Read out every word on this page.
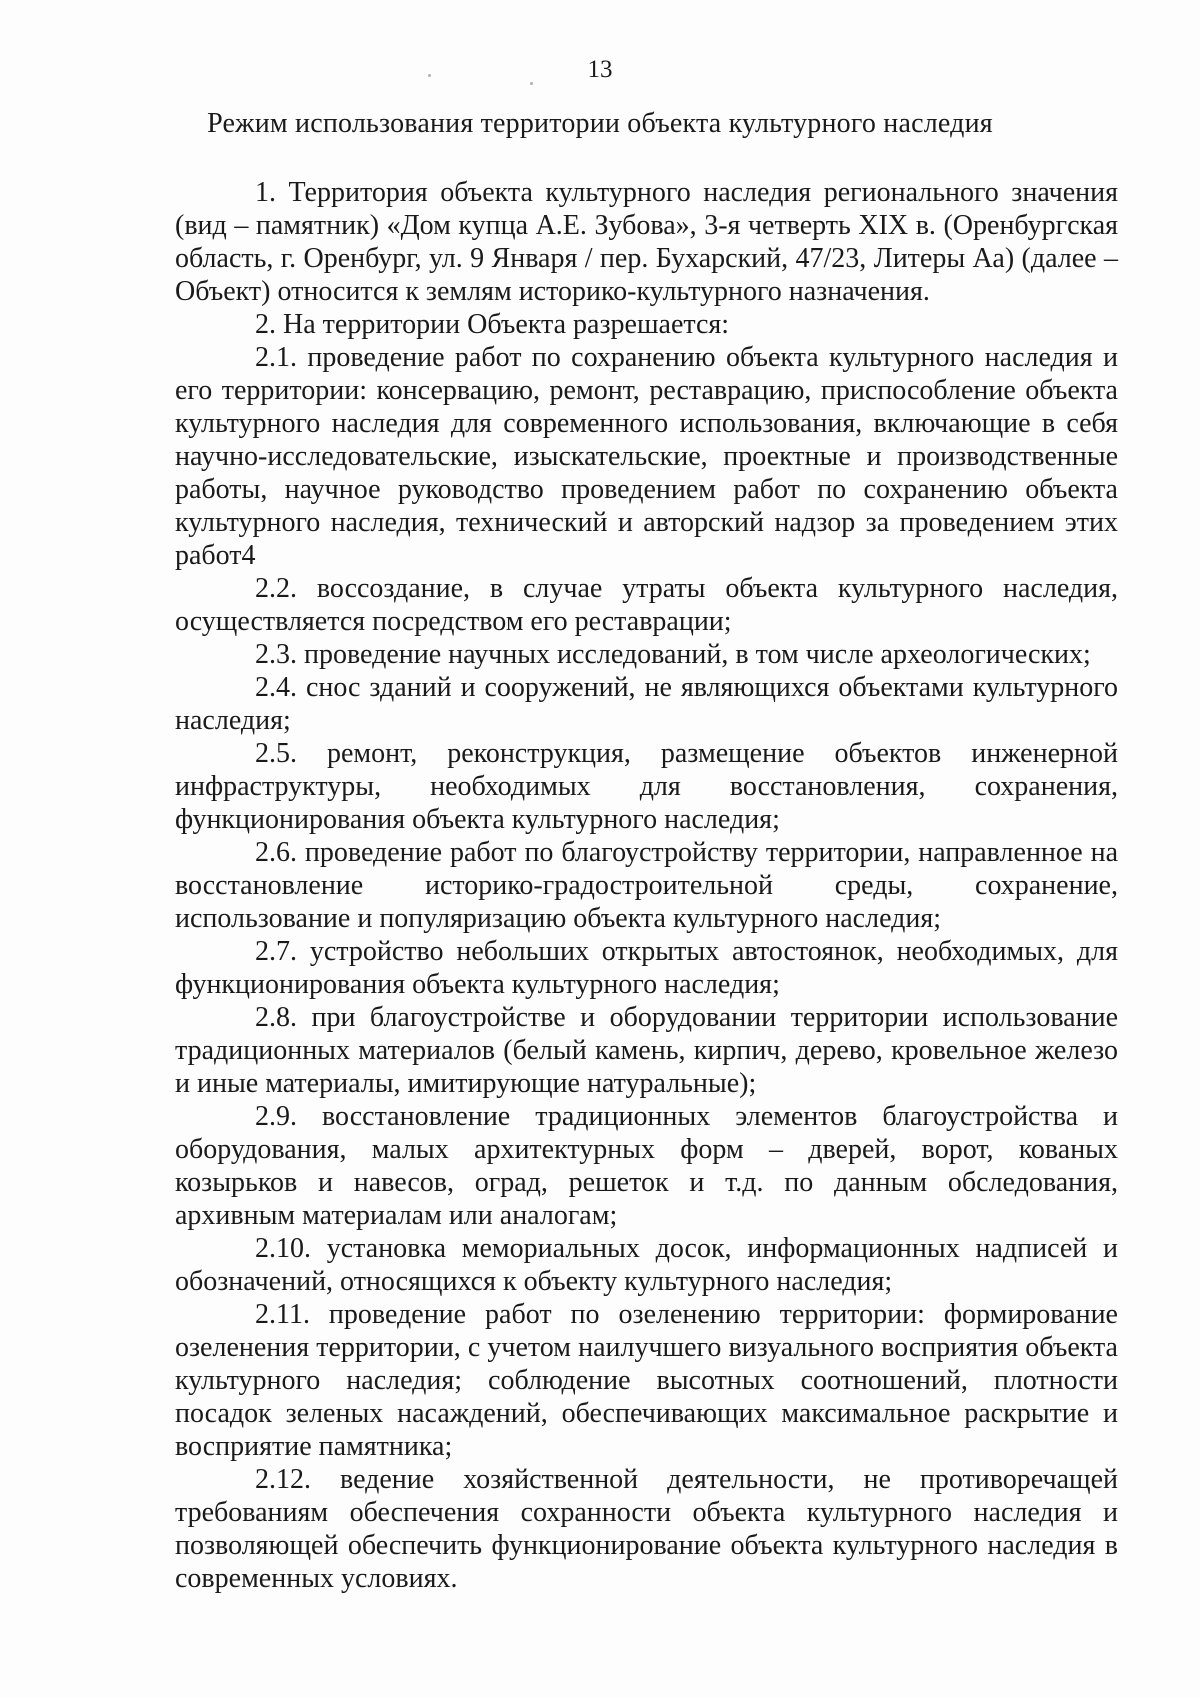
13
Режим использования территории объекта культурного наследия

1. Территория объекта культурного наследия регионального значения (вид – памятник) «Дом купца А.Е. Зубова», 3-я четверть XIX в. (Оренбургская область, г. Оренбург, ул. 9 Января / пер. Бухарский, 47/23, Литеры Аа) (далее – Объект) относится к землям историко-культурного назначения.

2. На территории Объекта разрешается:

2.1. проведение работ по сохранению объекта культурного наследия и его территории: консервацию, ремонт, реставрацию, приспособление объекта культурного наследия для современного использования, включающие в себя научно-исследовательские, изыскательские, проектные и производственные работы, научное руководство проведением работ по сохранению объекта культурного наследия, технический и авторский надзор за проведением этих работ4

2.2. воссоздание, в случае утраты объекта культурного наследия, осуществляется посредством его реставрации;

2.3. проведение научных исследований, в том числе археологических;

2.4. снос зданий и сооружений, не являющихся объектами культурного наследия;

2.5. ремонт, реконструкция, размещение объектов инженерной инфраструктуры, необходимых для восстановления, сохранения, функционирования объекта культурного наследия;

2.6. проведение работ по благоустройству территории, направленное на восстановление историко-градостроительной среды, сохранение, использование и популяризацию объекта культурного наследия;

2.7. устройство небольших открытых автостоянок, необходимых, для функционирования объекта культурного наследия;

2.8. при благоустройстве и оборудовании территории использование традиционных материалов (белый камень, кирпич, дерево, кровельное железо и иные материалы, имитирующие натуральные);

2.9. восстановление традиционных элементов благоустройства и оборудования, малых архитектурных форм – дверей, ворот, кованых козырьков и навесов, оград, решеток и т.д. по данным обследования, архивным материалам или аналогам;

2.10. установка мемориальных досок, информационных надписей и обозначений, относящихся к объекту культурного наследия;

2.11. проведение работ по озеленению территории: формирование озеленения территории, с учетом наилучшего визуального восприятия объекта культурного наследия; соблюдение высотных соотношений, плотности посадок зеленых насаждений, обеспечивающих максимальное раскрытие и восприятие памятника;

2.12. ведение хозяйственной деятельности, не противоречащей требованиям обеспечения сохранности объекта культурного наследия и позволяющей обеспечить функционирование объекта культурного наследия в современных условиях.
